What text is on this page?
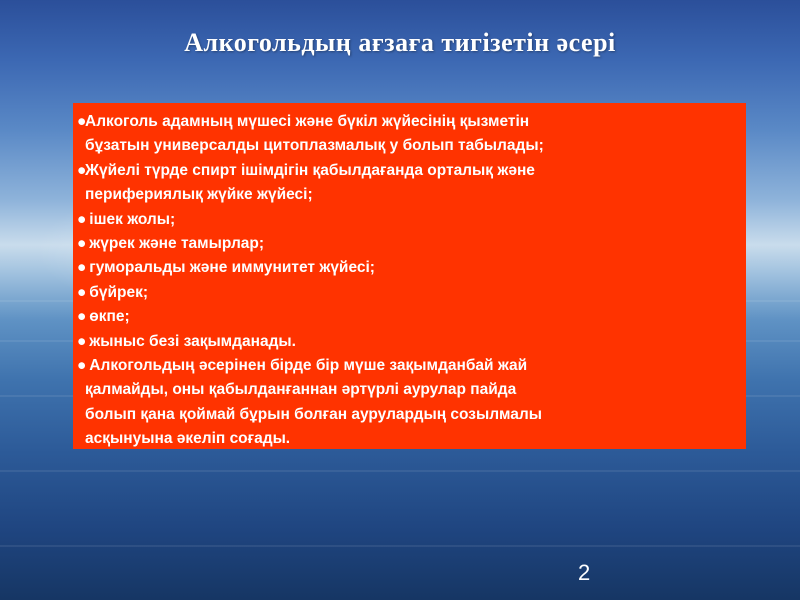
Алкогольдың ағзаға тигізетін әсері
●Алкоголь адамның мүшесі және бүкіл жүйесінің қызметін
бұзатын универсалды цитоплазмалық у болып табылады;
●Жүйелі түрде спирт ішімдігін қабылдағанда орталық және
перифериялық жүйке жүйесі;
● ішек жолы;
● жүрек және тамырлар;
● гуморальды және иммунитет жүйесі;
● бүйрек;
● өкпе;
● жыныс безі зақымданады.
● Алкогольдың әсерінен бірде бір мүше зақымданбай жай
қалмайды, оны қабылданғаннан әртүрлі аурулар пайда
болып қана қоймай бұрын болған аурулардың созылмалы
асқынуына әкеліп соғады.
2
